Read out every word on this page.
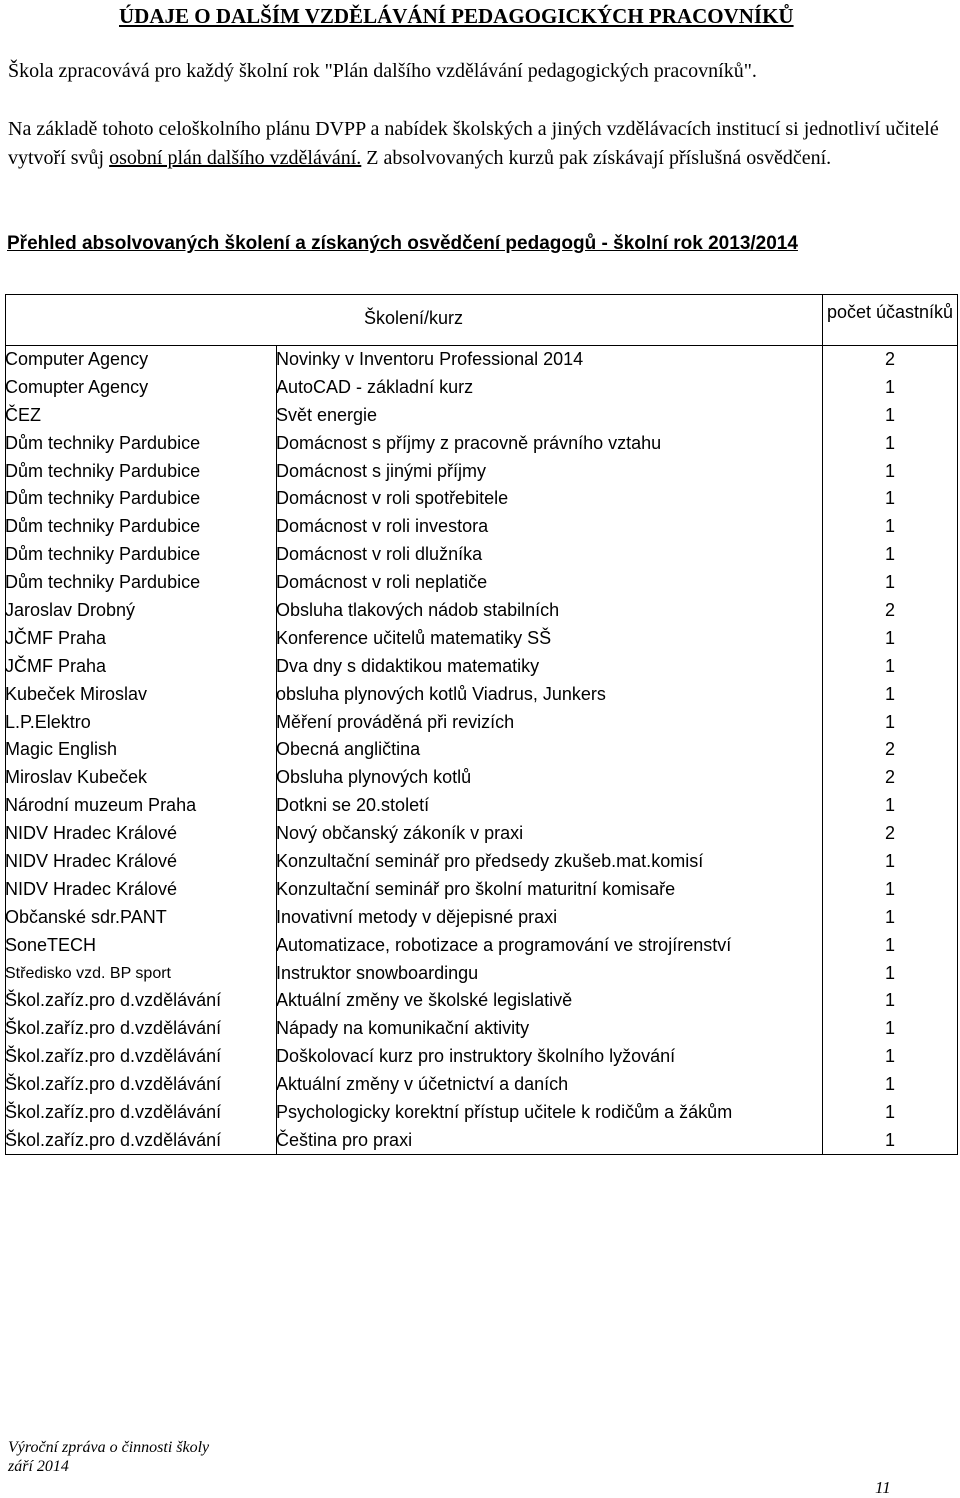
ÚDAJE O DALŠÍM VZDĚLÁVÁNÍ PEDAGOGICKÝCH PRACOVNÍKŮ
Škola zpracovává pro každý školní rok "Plán dalšího vzdělávání pedagogických pracovníků".
Na základě tohoto celoškolního plánu DVPP a nabídek školských a jiných vzdělávacích institucí si jednotliví učitelé vytvoří svůj osobní plán dalšího vzdělávání. Z absolvovaných kurzů pak získávají příslušná osvědčení.
Přehled absolvovaných školení a získaných osvědčení pedagogů - školní rok 2013/2014
Školení/kurz	počet účastníků
Computer Agency	Novinky v Inventoru Professional 2014	2
Comupter Agency	AutoCAD - základní kurz	1
ČEZ	Svět energie	1
Dům techniky Pardubice	Domácnost s příjmy z pracovně právního vztahu	1
Dům techniky Pardubice	Domácnost s jinými příjmy	1
Dům techniky Pardubice	Domácnost v roli spotřebitele	1
Dům techniky Pardubice	Domácnost v roli investora	1
Dům techniky Pardubice	Domácnost v roli dlužníka	1
Dům techniky Pardubice	Domácnost v roli neplatiče	1
Jaroslav Drobný	Obsluha tlakových nádob stabilních	2
JČMF Praha	Konference učitelů matematiky SŠ	1
JČMF Praha	Dva dny s didaktikou matematiky	1
Kubeček Miroslav	obsluha plynových kotlů Viadrus, Junkers	1
L.P.Elektro	Měření prováděná při revizích	1
Magic English	Obecná angličtina	2
Miroslav Kubeček	Obsluha plynových kotlů	2
Národní muzeum Praha	Dotkni se 20.století	1
NIDV Hradec Králové	Nový občanský zákoník v praxi	2
NIDV Hradec Králové	Konzultační seminář pro předsedy zkušeb.mat.komisí	1
NIDV Hradec Králové	Konzultační seminář pro školní maturitní komisaře	1
Občanské sdr.PANT	Inovativní metody v dějepisné praxi	1
SoneTECH	Automatizace, robotizace a programování ve strojírenství	1
Středisko vzd. BP sport	Instruktor snowboardingu	1
Škol.zaříz.pro d.vzdělávání	Aktuální změny ve školské legislativě	1
Škol.zaříz.pro d.vzdělávání	Nápady na komunikační aktivity	1
Škol.zaříz.pro d.vzdělávání	Doškolovací kurz pro instruktory školního lyžování	1
Škol.zaříz.pro d.vzdělávání	Aktuální změny v účetnictví a daních	1
Škol.zaříz.pro d.vzdělávání	Psychologicky korektní přístup učitele k rodičům a žákům	1
Škol.zaříz.pro d.vzdělávání	Čeština pro praxi	1
Výroční zpráva o činnosti školy
září 2014
11
